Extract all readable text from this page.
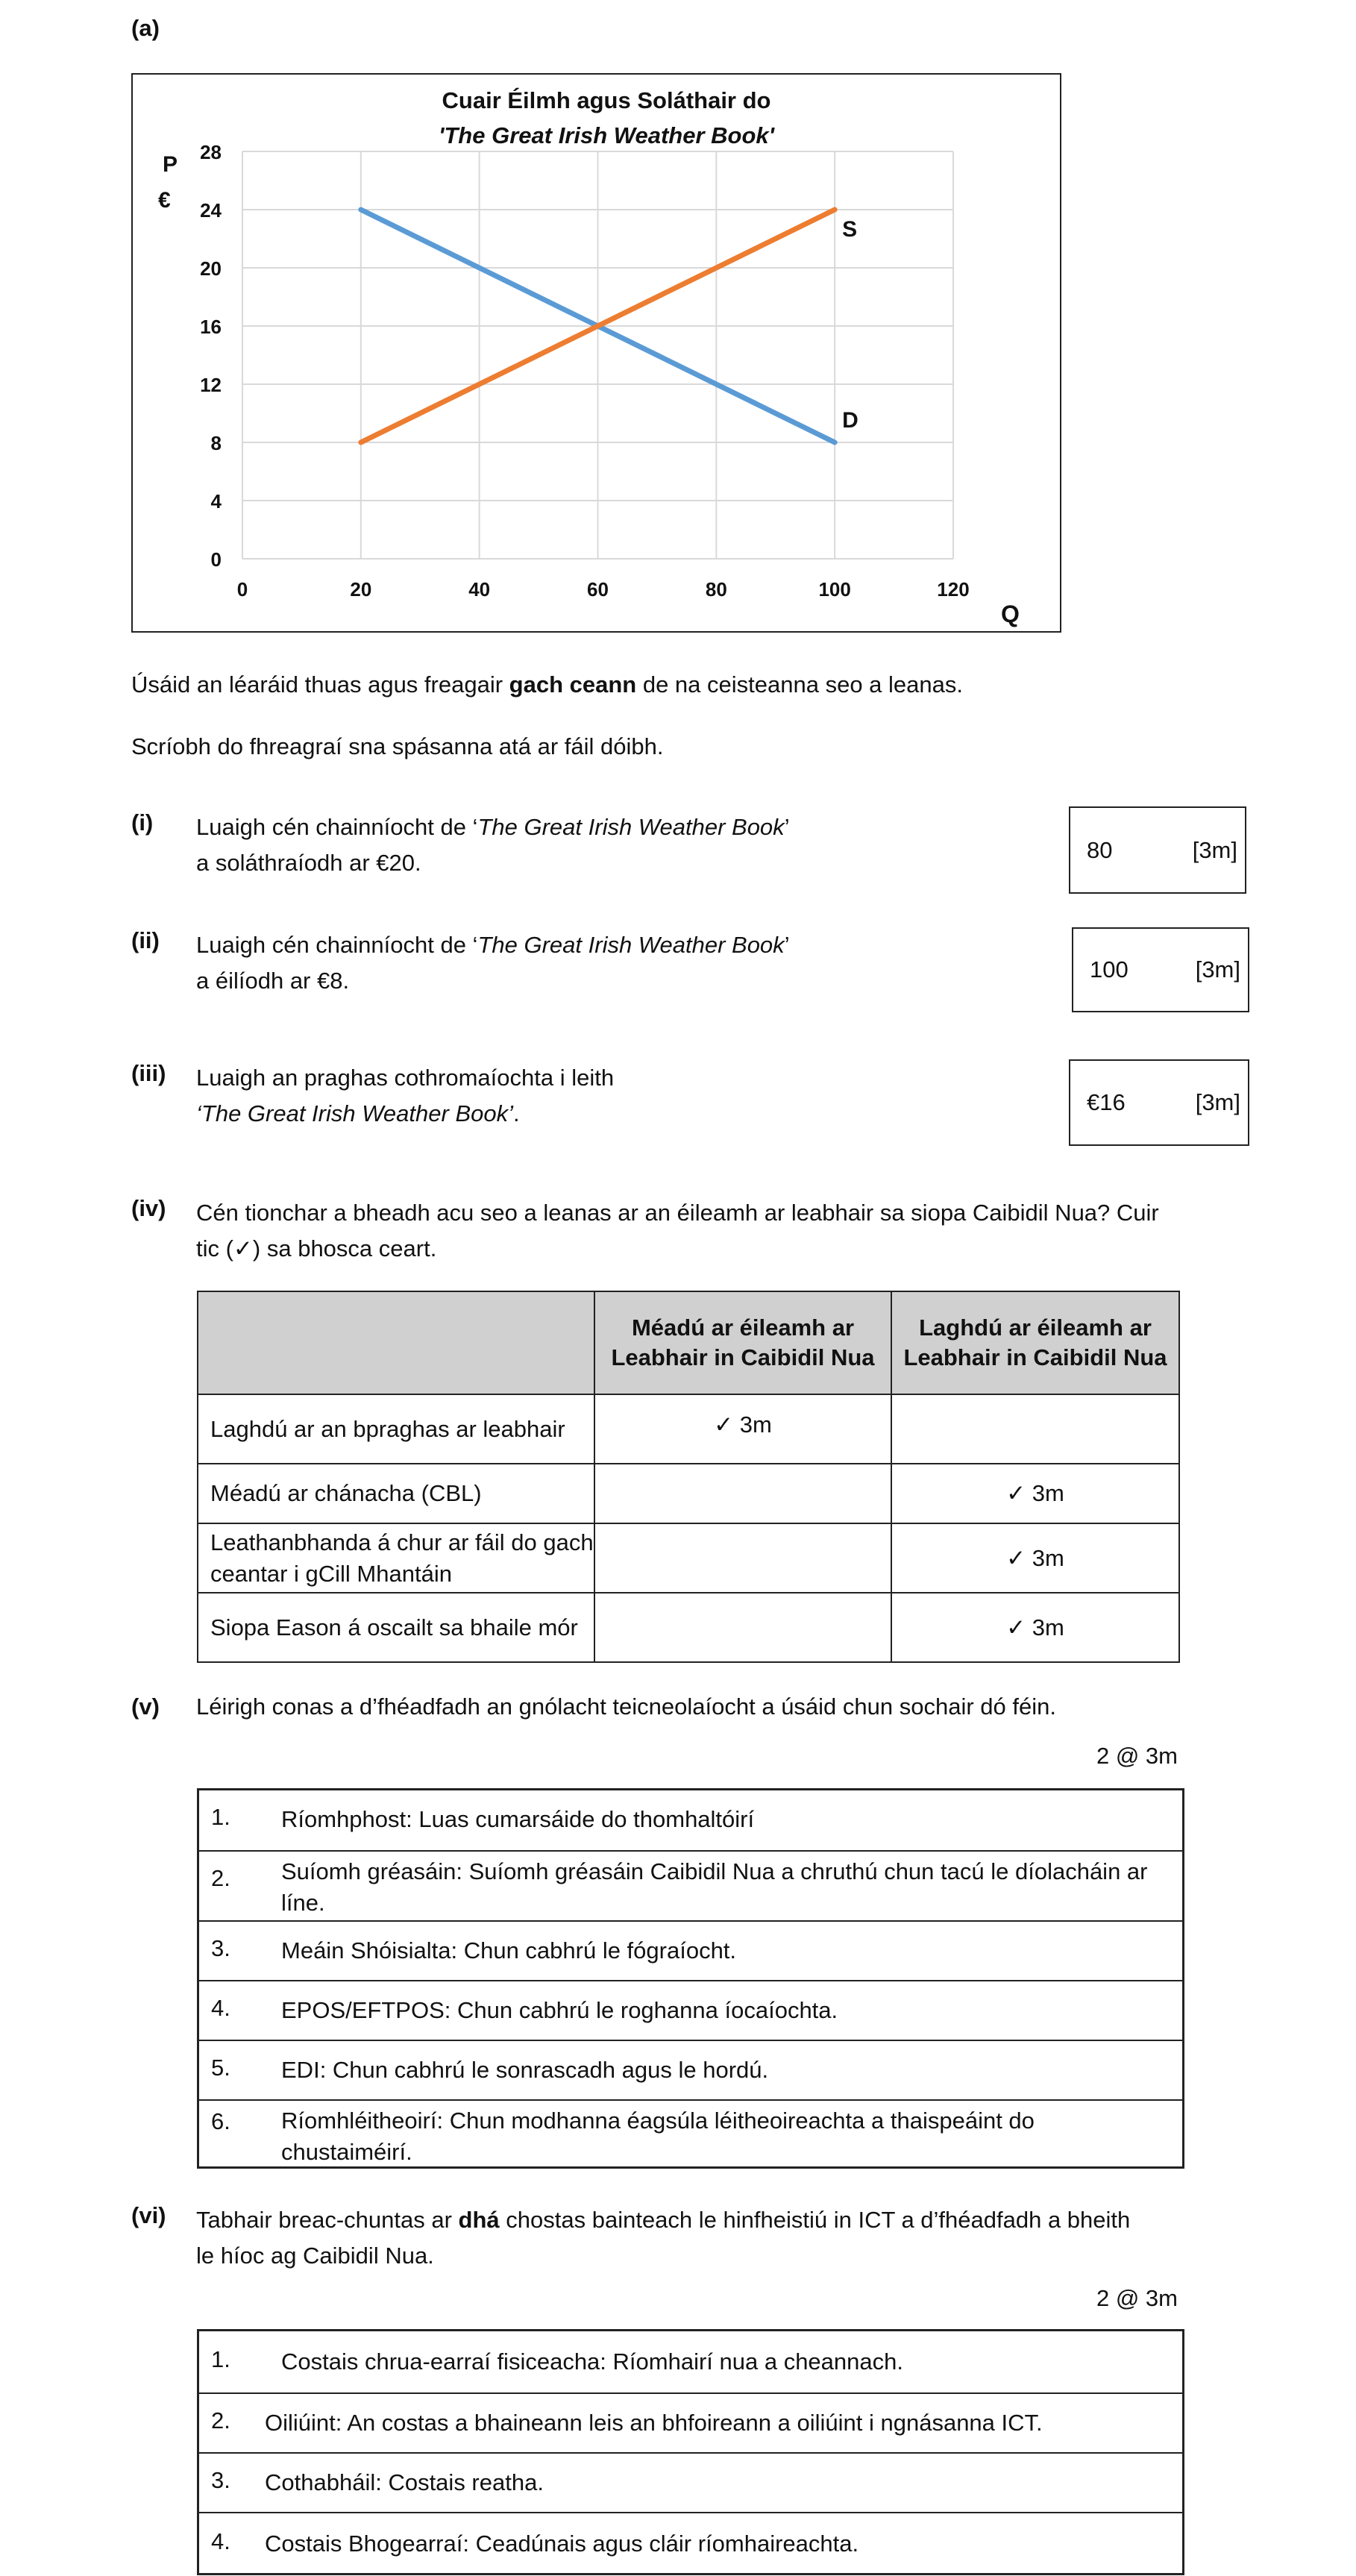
(a)
0
4
8
12
16
20
24
28
0	20	40	60	80	100	120
Cuair Éilmh agus Soláthair do
'The Great Irish Weather Book'
P
€
Q
D
S
Úsáid an léaráid thuas agus freagair gach ceann de na ceisteanna seo a leanas.
Scríobh do fhreagraí sna spásanna atá ar fáil dóibh.
(i) Luaigh cén chainníocht de ‘The Great Irish Weather Book’
a soláthraíodh ar €20.	80	[3m]
(ii) Luaigh cén chainníocht de ‘The Great Irish Weather Book’
a éilíodh ar €8.	100	[3m]
(iii) Luaigh an praghas cothromaíochta i leith
‘The Great Irish Weather Book’.	€16	[3m]
(iv) Cén tionchar a bheadh acu seo a leanas ar an éileamh ar leabhair sa siopa Caibidil Nua? Cuir
tic (✓) sa bhosca ceart.
	Méadú ar éileamh ar Leabhair in Caibidil Nua	Laghdú ar éileamh ar Leabhair in Caibidil Nua
Laghdú ar an bpraghas ar leabhair	✓ 3m	
Méadú ar chánacha (CBL)		✓ 3m
Leathanbhanda á chur ar fáil do gach ceantar i gCill Mhantáin		✓ 3m
Siopa Eason á oscailt sa bhaile mór		✓ 3m
(v) Léirigh conas a d’fhéadfadh an gnólacht teicneolaíocht a úsáid chun sochair dó féin.
2 @ 3m
1. Ríomhphost: Luas cumarsáide do thomhaltóirí
2. Suíomh gréasáin: Suíomh gréasáin Caibidil Nua a chruthú chun tacú le díolacháin ar líne.
3. Meáin Shóisialta: Chun cabhrú le fógraíocht.
4. EPOS/EFTPOS: Chun cabhrú le roghanna íocaíochta.
5. EDI: Chun cabhrú le sonrascadh agus le hordú.
6. Ríomhléitheoirí: Chun modhanna éagsúla léitheoireachta a thaispeáint do chustaiméirí.
(vi) Tabhair breac-chuntas ar dhá chostas bainteach le hinfheistiú in ICT a d’fhéadfadh a bheith
le híoc ag Caibidil Nua.
2 @ 3m
1. Costais chrua-earraí fisiceacha: Ríomhairí nua a cheannach.
2. Oiliúint: An costas a bhaineann leis an bhfoireann a oiliúint i ngnásanna ICT.
3. Cothabháil: Costais reatha.
4. Costais Bhogearraí: Ceadúnais agus cláir ríomhaireachta.
